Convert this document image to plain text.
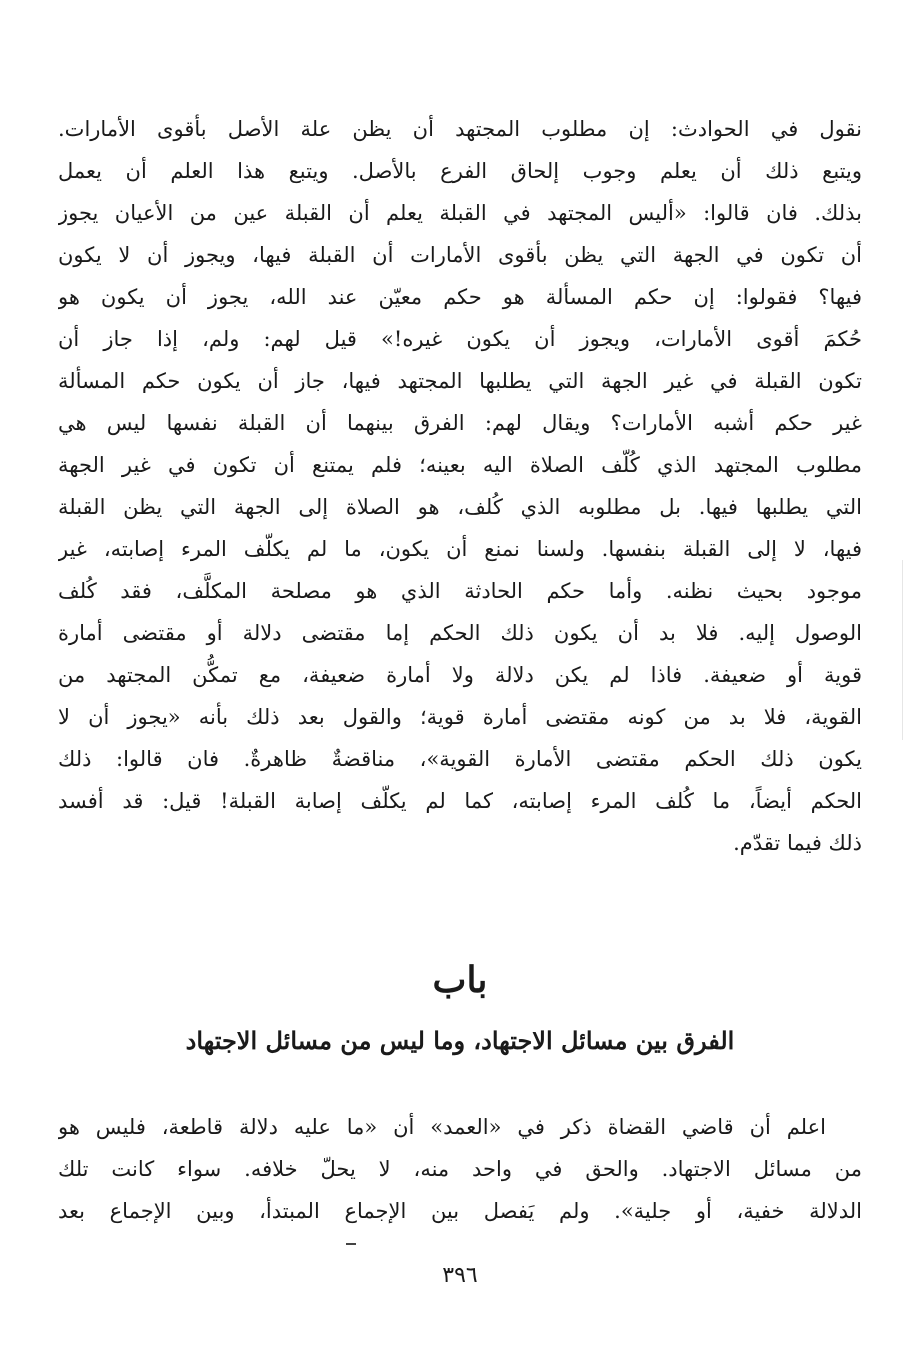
نقول في الحوادث: إن مطلوب المجتهد أن يظن علة الأصل بأقوى الأمارات.
ويتبع ذلك أن يعلم وجوب إلحاق الفرع بالأصل. ويتبع هذا العلم أن يعمل
بذلك. فان قالوا: «أليس المجتهد في القبلة يعلم أن القبلة عين من الأعيان يجوز
أن تكون في الجهة التي يظن بأقوى الأمارات أن القبلة فيها، ويجوز أن لا يكون
فيها؟ فقولوا: إن حكم المسألة هو حكم معيّن عند الله، يجوز أن يكون هو
حُكمَ أقوى الأمارات، ويجوز أن يكون غيره!» قيل لهم: ولم، إذا جاز أن
تكون القبلة في غير الجهة التي يطلبها المجتهد فيها، جاز أن يكون حكم المسألة
غير حكم أشبه الأمارات؟ ويقال لهم: الفرق بينهما أن القبلة نفسها ليس هي
مطلوب المجتهد الذي كُلّف الصلاة اليه بعينه؛ فلم يمتنع أن تكون في غير الجهة
التي يطلبها فيها. بل مطلوبه الذي كُلف، هو الصلاة إلى الجهة التي يظن القبلة
فيها، لا إلى القبلة بنفسها. ولسنا نمنع أن يكون، ما لم يكلّف المرء إصابته، غير
موجود بحيث نظنه. وأما حكم الحادثة الذي هو مصلحة المكلَّف، فقد كُلف
الوصول إليه. فلا بد أن يكون ذلك الحكم إما مقتضى دلالة أو مقتضى أمارة
قوية أو ضعيفة. فاذا لم يكن دلالة ولا أمارة ضعيفة، مع تمكُّن المجتهد من
القوية، فلا بد من كونه مقتضى أمارة قوية؛ والقول بعد ذلك بأنه «يجوز أن لا
يكون ذلك الحكم مقتضى الأمارة القوية»، مناقضةٌ ظاهرةٌ. فان قالوا: ذلك
الحكم أيضاً، ما كُلف المرء إصابته، كما لم يكلّف إصابة القبلة! قيل: قد أفسد
ذلك فيما تقدّم.
باب
الفرق بين مسائل الاجتهاد، وما ليس من مسائل الاجتهاد
اعلم أن قاضي القضاة ذكر في «العمد» أن «ما عليه دلالة قاطعة، فليس هو
من مسائل الاجتهاد. والحق في واحد منه، لا يحلّ خلافه. سواء كانت تلك
الدلالة خفية، أو جلية». ولم يَفصل بين الإجماع المبتدأ، وبين الإجماع بعد
٣٩٦
